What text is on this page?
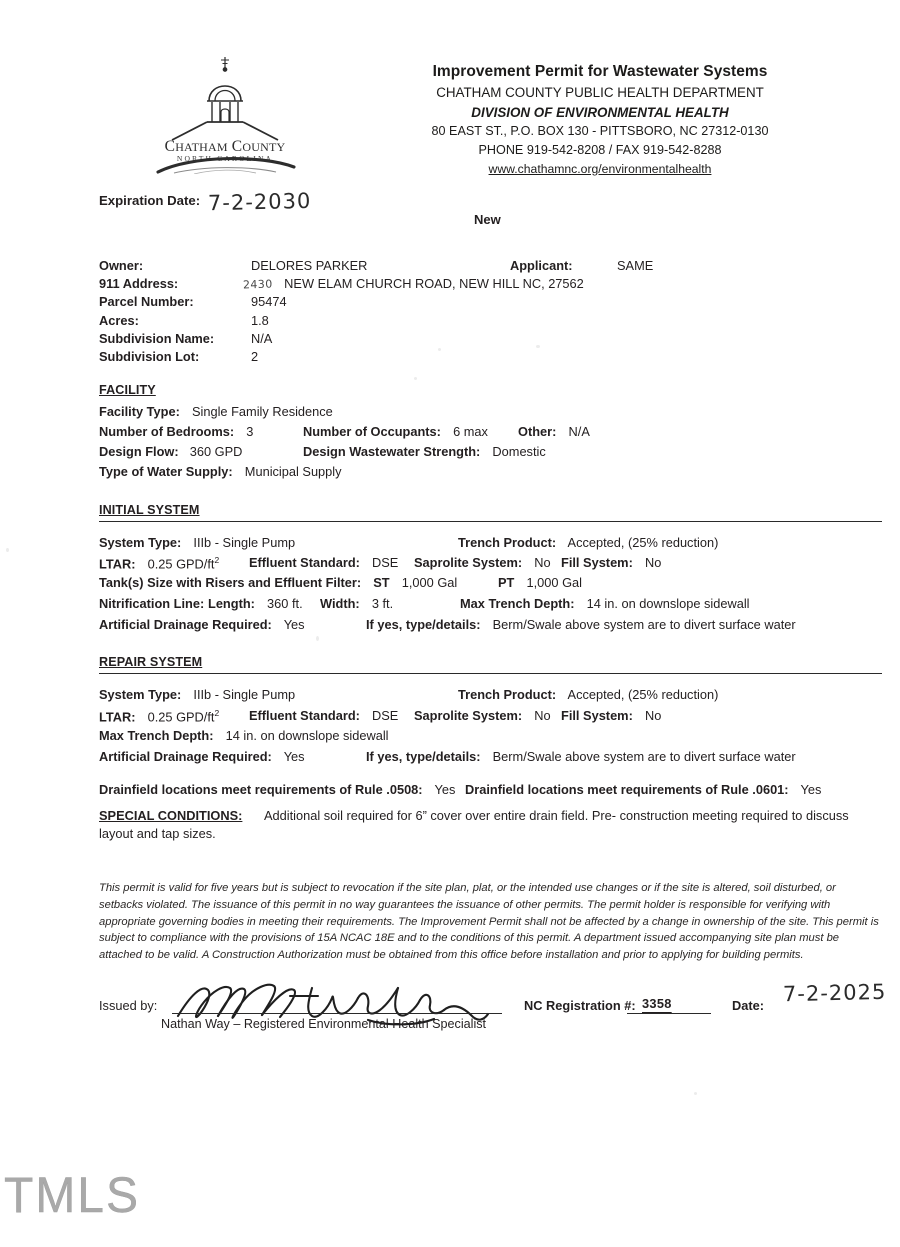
CHATHAM COUNTY
NORTH CAROLINA
Improvement Permit for Wastewater Systems
CHATHAM COUNTY PUBLIC HEALTH DEPARTMENT
DIVISION OF ENVIRONMENTAL HEALTH
80 EAST ST., P.O. BOX 130 - PITTSBORO, NC 27312-0130
PHONE 919-542-8208 / FAX 919-542-8288
www.chathamnc.org/environmentalhealth
Expiration Date: 7-2-2030
New
Owner:	DELORES PARKER	Applicant:	SAME
911 Address:	2430 NEW ELAM CHURCH ROAD, NEW HILL NC, 27562
Parcel Number:	95474
Acres:	1.8
Subdivision Name:	N/A
Subdivision Lot:	2
FACILITY
Facility Type: Single Family Residence
Number of Bedrooms: 3	Number of Occupants: 6 max Other: N/A
Design Flow: 360 GPD	Design Wastewater Strength: Domestic
Type of Water Supply: Municipal Supply
INITIAL SYSTEM
System Type: IIIb - Single Pump	Trench Product: Accepted, (25% reduction)
LTAR: 0.25 GPD/$ft^2$ Effluent Standard: DSE Saprolite System: No Fill System: No
Tank(s) Size with Risers and Effluent Filter: ST 1,000 Gal	PT 1,000 Gal
Nitrification Line: Length: 360 ft. Width: 3 ft.	Max Trench Depth: 14 in. on downslope sidewall
Artificial Drainage Required: Yes	If yes, type/details: Berm/Swale above system are to divert surface water
REPAIR SYSTEM
System Type: IIIb - Single Pump	Trench Product: Accepted, (25% reduction)
LTAR: 0.25 GPD/$ft^2$ Effluent Standard: DSE Saprolite System: No Fill System: No
Max Trench Depth: 14 in. on downslope sidewall
Artificial Drainage Required: Yes	If yes, type/details: Berm/Swale above system are to divert surface water
Drainfield locations meet requirements of Rule .0508: Yes Drainfield locations meet requirements of Rule .0601: Yes
SPECIAL CONDITIONS: Additional soil required for 6” cover over entire drain field. Pre- construction meeting required to discuss layout and tap sizes.
This permit is valid for five years but is subject to revocation if the site plan, plat, or the intended use changes or if the site is altered, soil disturbed, or setbacks violated. The issuance of this permit in no way guarantees the issuance of other permits. The permit holder is responsible for verifying with appropriate governing bodies in meeting their requirements. The Improvement Permit shall not be affected by a change in ownership of the site. This permit is subject to compliance with the provisions of 15A NCAC 18E and to the conditions of this permit. A department issued accompanying site plan must be attached to be valid. A Construction Authorization must be obtained from this office before installation and prior to applying for building permits.
Issued by:
Nathan Way – Registered Environmental Health Specialist
NC Registration #: 3358	Date: 7-2-2025
TMLS
